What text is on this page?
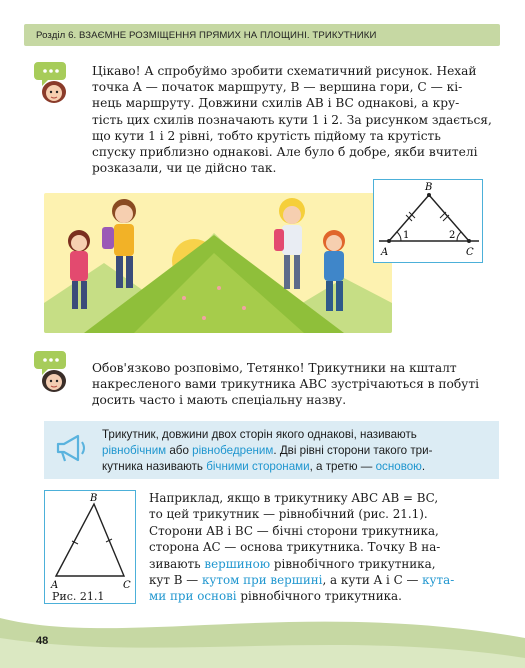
Розділ 6. ВЗАЄМНЕ РОЗМІЩЕННЯ ПРЯМИХ НА ПЛОЩИНІ. ТРИКУТНИКИ
Цікаво! А спробуймо зробити схематичний рисунок. Нехай
точка A — початок маршруту, B — вершина гори, C — кі-
нець маршруту. Довжини схилів AB і BC однакові, а кру-
тість цих схилів позначають кути 1 і 2. За рисунком здається,
що кути 1 і 2 рівні, тобто крутість підйому та крутість
спуску приблизно однакові. Але було б добре, якби вчителі
розказали, чи це дійсно так.
A
B
C
1	2
Обов'язково розповімо, Тетянко! Трикутники на кшталт
накресленого вами трикутника ABC зустрічаються в побуті
досить часто і мають спеціальну назву.

Трикутник, довжини двох сторін якого однакові, називають
рівнобічним або рівнобедреним. Дві рівні сторони такого три-
кутника називають бічними сторонами, а третю — основою.

B
A	C
Рис. 21.1

Наприклад, якщо в трикутнику ABC AB = BC,
то цей трикутник — рівнобічний (рис. 21.1).
Сторони AB і BC — бічні сторони трикутника,
сторона AC — основа трикутника. Точку B на-
зивають вершиною рівнобічного трикутника,
кут B — кутом при вершині, а кути A і C — кута-
ми при основі рівнобічного трикутника.

48
